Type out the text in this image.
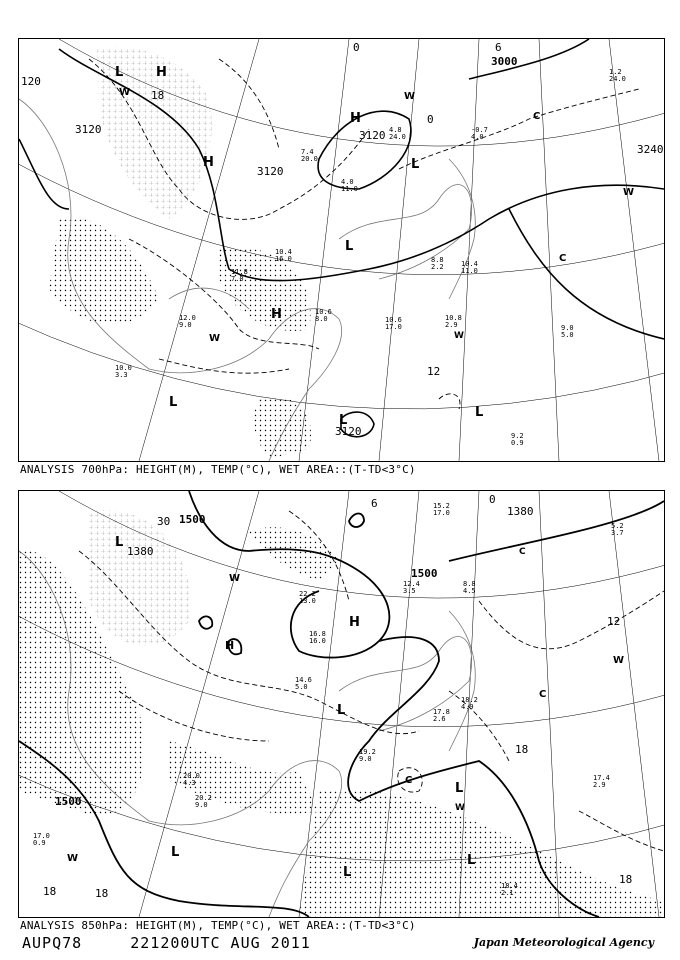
H
H
H
H
L
L
L
L
L
L
W	W
W
W
C
C
W
3000
3120
3120
3120
3240
3120
120
12
18
0
0
6
7.4
20.0
4.0
11.0
10.4
16.0
11.8
7.0
10.0
3.3
12.0
9.0
10.6
8.0	10.8
2.9	9.0
5.0
9.2
0.9
10.4
11.0
8.8
2.2
4.8
24.0
1.2
24.0
-0.7
4.0
10.6
17.0
ANALYSIS 700hPa: HEIGHT(M), TEMP(°C), WET AREA::(T-TD<3°C)
L
H
H
L
L
L
L
L
W
W
C
C
W
C
W
1500
1500
1500
1380
1380
30
18	18
18
18
12
0
6
22.2
13.0
16.8
16.0
14.6
5.0
20.0
4.3
20.2
9.0
19.2
9.0
17.8
2.6
18.2
4.9
18.4
2.1
17.4
2.9
15.2
17.0
5.2
3.7
12.4
3.5
17.0
0.9
8.8
4.5
ANALYSIS 850hPa: HEIGHT(M), TEMP(°C), WET AREA::(T-TD<3°C)
AUPQ78	221200UTC AUG 2011	Japan Meteorological Agency
